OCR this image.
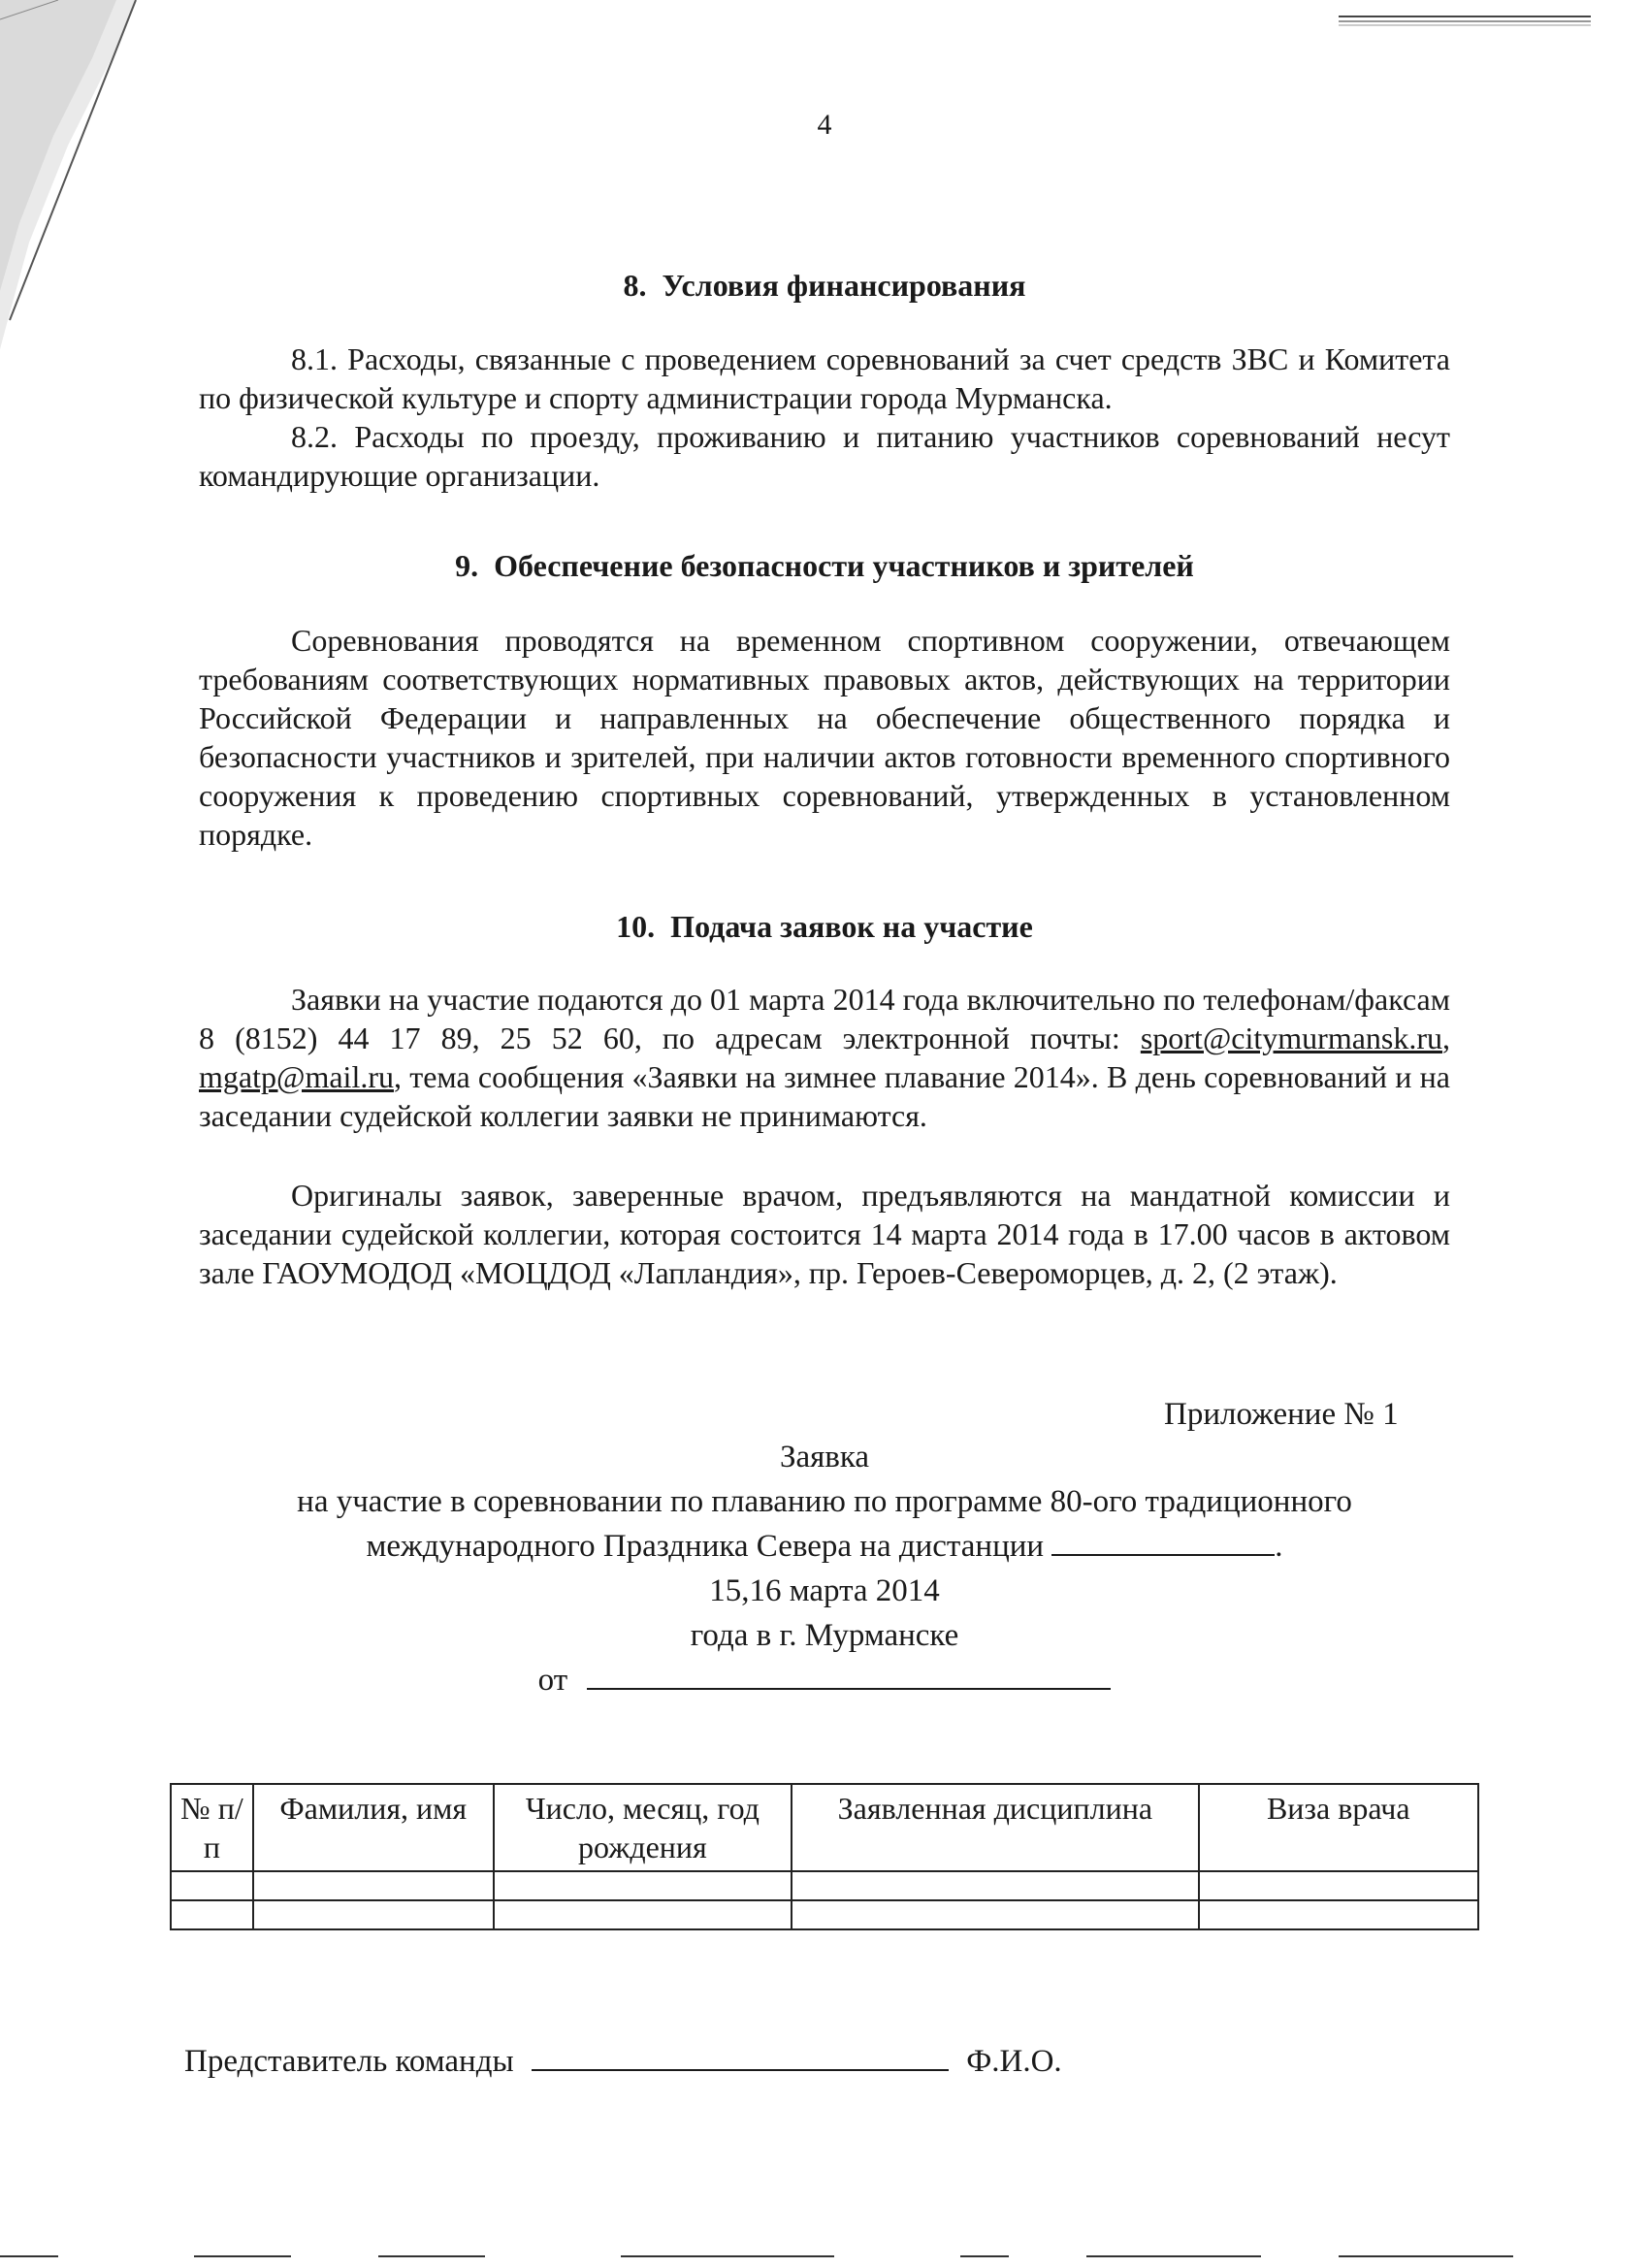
4
8. Условия финансирования
8.1. Расходы, связанные с проведением соревнований за счет средств ЗВС и Комитета по физической культуре и спорту администрации города Мурманска.
8.2. Расходы по проезду, проживанию и питанию участников соревнований несут командирующие организации.
9. Обеспечение безопасности участников и зрителей
Соревнования проводятся на временном спортивном сооружении, отвечающем требованиям соответствующих нормативных правовых актов, действующих на территории Российской Федерации и направленных на обеспечение общественного порядка и безопасности участников и зрителей, при наличии актов готовности временного спортивного сооружения к проведению спортивных соревнований, утвержденных в установленном порядке.
10. Подача заявок на участие
Заявки на участие подаются до 01 марта 2014 года включительно по телефонам/факсам 8 (8152) 44 17 89, 25 52 60, по адресам электронной почты: sport@citymurmansk.ru, mgatp@mail.ru, тема сообщения «Заявки на зимнее плавание 2014». В день соревнований и на заседании судейской коллегии заявки не принимаются.
Оригиналы заявок, заверенные врачом, предъявляются на мандатной комиссии и заседании судейской коллегии, которая состоится 14 марта 2014 года в 17.00 часов в актовом зале ГАОУМОДОД «МОЦДОД «Лапландия», пр. Героев-Североморцев, д. 2, (2 этаж).
Приложение № 1
Заявка
на участие в соревновании по плаванию по программе 80-ого традиционного
международного Праздника Севера на дистанции	.
15,16 марта 2014
года в г. Мурманске
от
№ п/п	Фамилия, имя	Число, месяц, год рождения	Заявленная дисциплина	Виза врача

Представитель команды	Ф.И.О.
